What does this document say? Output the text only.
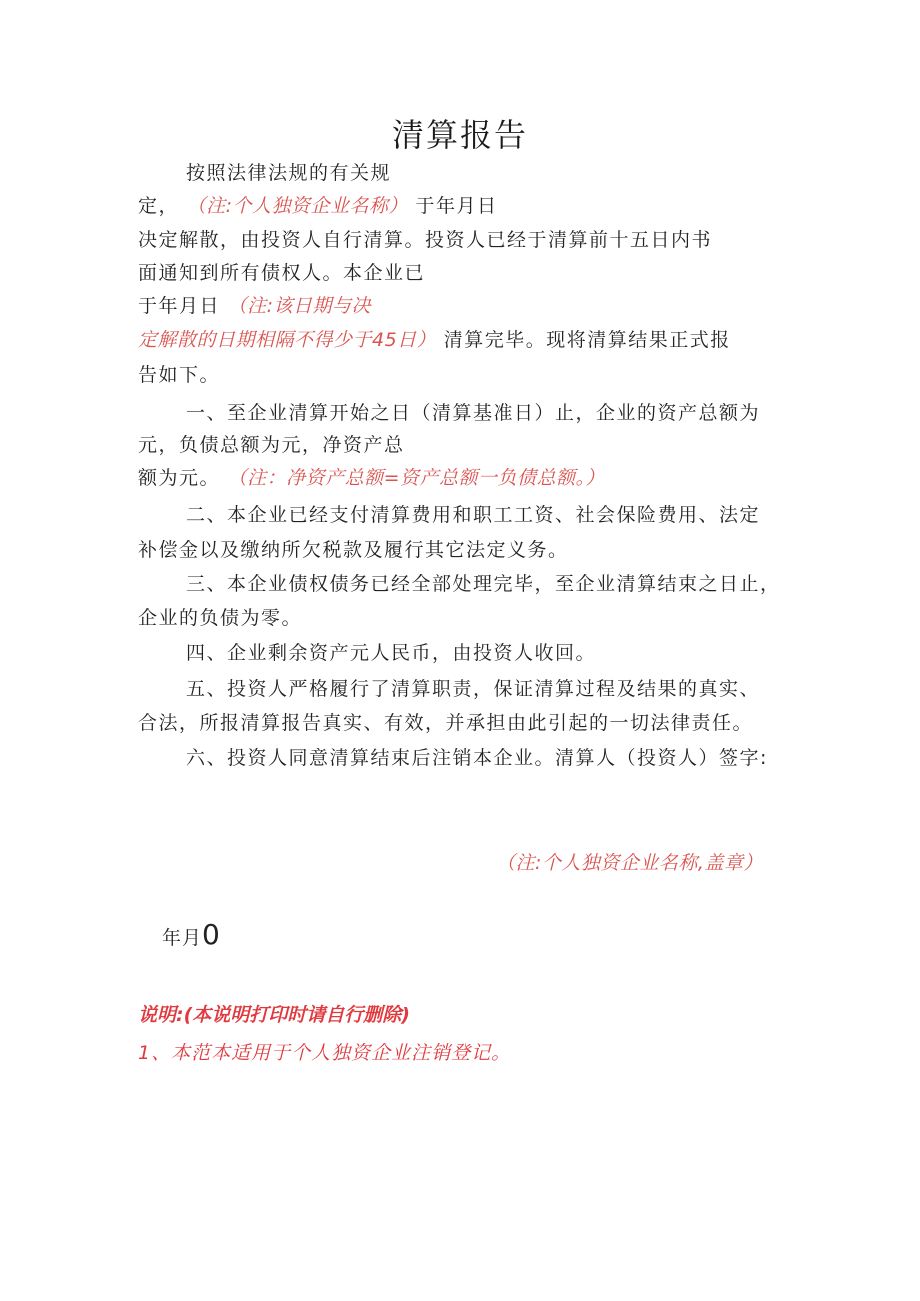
清算报告
按照法律法规的有关规
定， （注:个人独资企业名称） 于年月日
决定解散，由投资人自行清算。投资人已经于清算前十五日内书
面通知到所有债权人。本企业已
于年月日 （注:该日期与决
定解散的日期相隔不得少于45日） 清算完毕。现将清算结果正式报
告如下。
一、至企业清算开始之日（清算基准日）止，企业的资产总额为
元，负债总额为元，净资产总
额为元。 （注：净资产总额=资产总额一负债总额。）
二、本企业已经支付清算费用和职工工资、社会保险费用、法定
补偿金以及缴纳所欠税款及履行其它法定义务。
三、本企业债权债务已经全部处理完毕，至企业清算结束之日止，
企业的负债为零。
四、企业剩余资产元人民币，由投资人收回。
五、投资人严格履行了清算职责，保证清算过程及结果的真实、
合法，所报清算报告真实、有效，并承担由此引起的一切法律责任。
六、投资人同意清算结束后注销本企业。清算人（投资人）签字:
（注:个人独资企业名称,盖章）
年月0
说明:(本说明打印时请自行删除)
1、本范本适用于个人独资企业注销登记。
